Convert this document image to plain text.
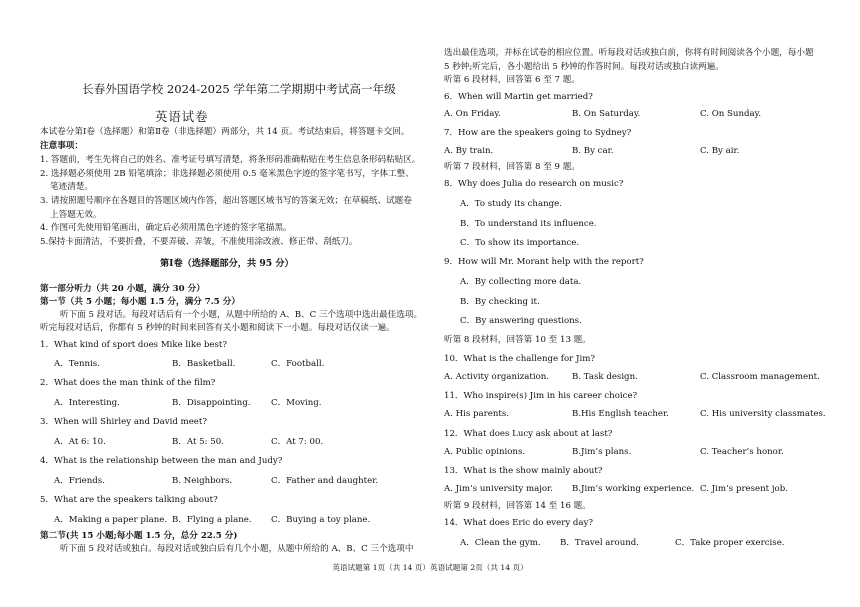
长春外国语学校 2024-2025 学年第二学期期中考试高一年级
英语试卷
本试卷分第Ⅰ卷（选择题）和第Ⅱ卷（非选择题）两部分，共 14 页。考试结束后，将答题卡交回。
注意事项：
1. 答题前，考生先将自己的姓名、准考证号填写清楚，将条形码准确粘贴在考生信息条形码粘贴区。
2. 选择题必须使用 2B 铅笔填涂；非选择题必须使用 0.5 毫米黑色字迹的签字笔书写，字体工整、
笔迹清楚。
3. 请按照题号顺序在各题目的答题区域内作答，超出答题区域书写的答案无效；在草稿纸、试题卷
上答题无效。
4. 作图可先使用铅笔画出，确定后必须用黑色字迹的签字笔描黑。
5.保持卡面清洁，不要折叠，不要弄破、弄皱，不准使用涂改液、修正带、刮纸刀。
第Ⅰ卷（选择题部分，共 95 分）
第一部分听力（共 20 小题，满分 30 分）
第一节（共 5 小题；每小题 1.5 分，满分 7.5 分）
听下面 5 段对话。每段对话后有一个小题，从题中所给的 A、B、C 三个选项中选出最佳选项。
听完每段对话后，你都有 5 秒钟的时间来回答有关小题和阅读下一小题。每段对话仅读一遍。
1．What kind of sport does Mike like best?
A．Tennis.	B．Basketball.	C．Football.
2．What does the man think of the film?
A．Interesting.	B．Disappointing. C．Moving.
3．When will Shirley and David meet?
A．At 6: 10.	B．At 5: 50.	C．At 7: 00.
4．What is the relationship between the man and Judy?
A．Friends.	B. Neighbors.	C．Father and daughter.
5．What are the speakers talking about?
A．Making a paper plane. B．Flying a plane. C．Buying a toy plane.
第二节(共 15 小题;每小题 1.5 分，总分 22.5 分)
听下面 5 段对话或独白。每段对话或独白后有几个小题，从题中所给的 A、B、C 三个选项中
选出最佳选项，并标在试卷的相应位置。听每段对话或独白前，你将有时间阅读各个小题，每小题
5 秒钟;听完后，各小题给出 5 秒钟的作答时间。每段对话或独白读两遍。
听第 6 段材料，回答第 6 至 7 题。
6．When will Martin get married?
A. On Friday.	B. On Saturday.	C. On Sunday.
7．How are the speakers going to Sydney?
A. By train.	B. By car.	C. By air.
听第 7 段材料，回答第 8 至 9 题。
8．Why does Julia do research on music?
A．To study its change.
B．To understand its influence.
C．To show its importance.
9．How will Mr. Morant help with the report?
A．By collecting more data.
B．By checking it.
C．By answering questions.
听第 8 段材料，回答第 10 至 13 题。
10．What is the challenge for Jim?
A. Activity organization.	B. Task design.	C. Classroom management.
11．Who inspire(s) Jim in his career choice?
A. His parents.	B.His English teacher.	C. His university classmates.
12．What does Lucy ask about at last?
A. Public opinions.	B.Jim’s plans.	C. Teacher’s honor.
13．What is the show mainly about?
A. Jim’s university major. B.Jim’s working experience. C. Jim’s present job.
听第 9 段材料，回答第 14 至 16 题。
14．What does Eric do every day?
A．Clean the gym. B．Travel around.	C．Take proper exercise.
英语试题第 1页（共 14 页）英语试题第 2页（共 14 页）
